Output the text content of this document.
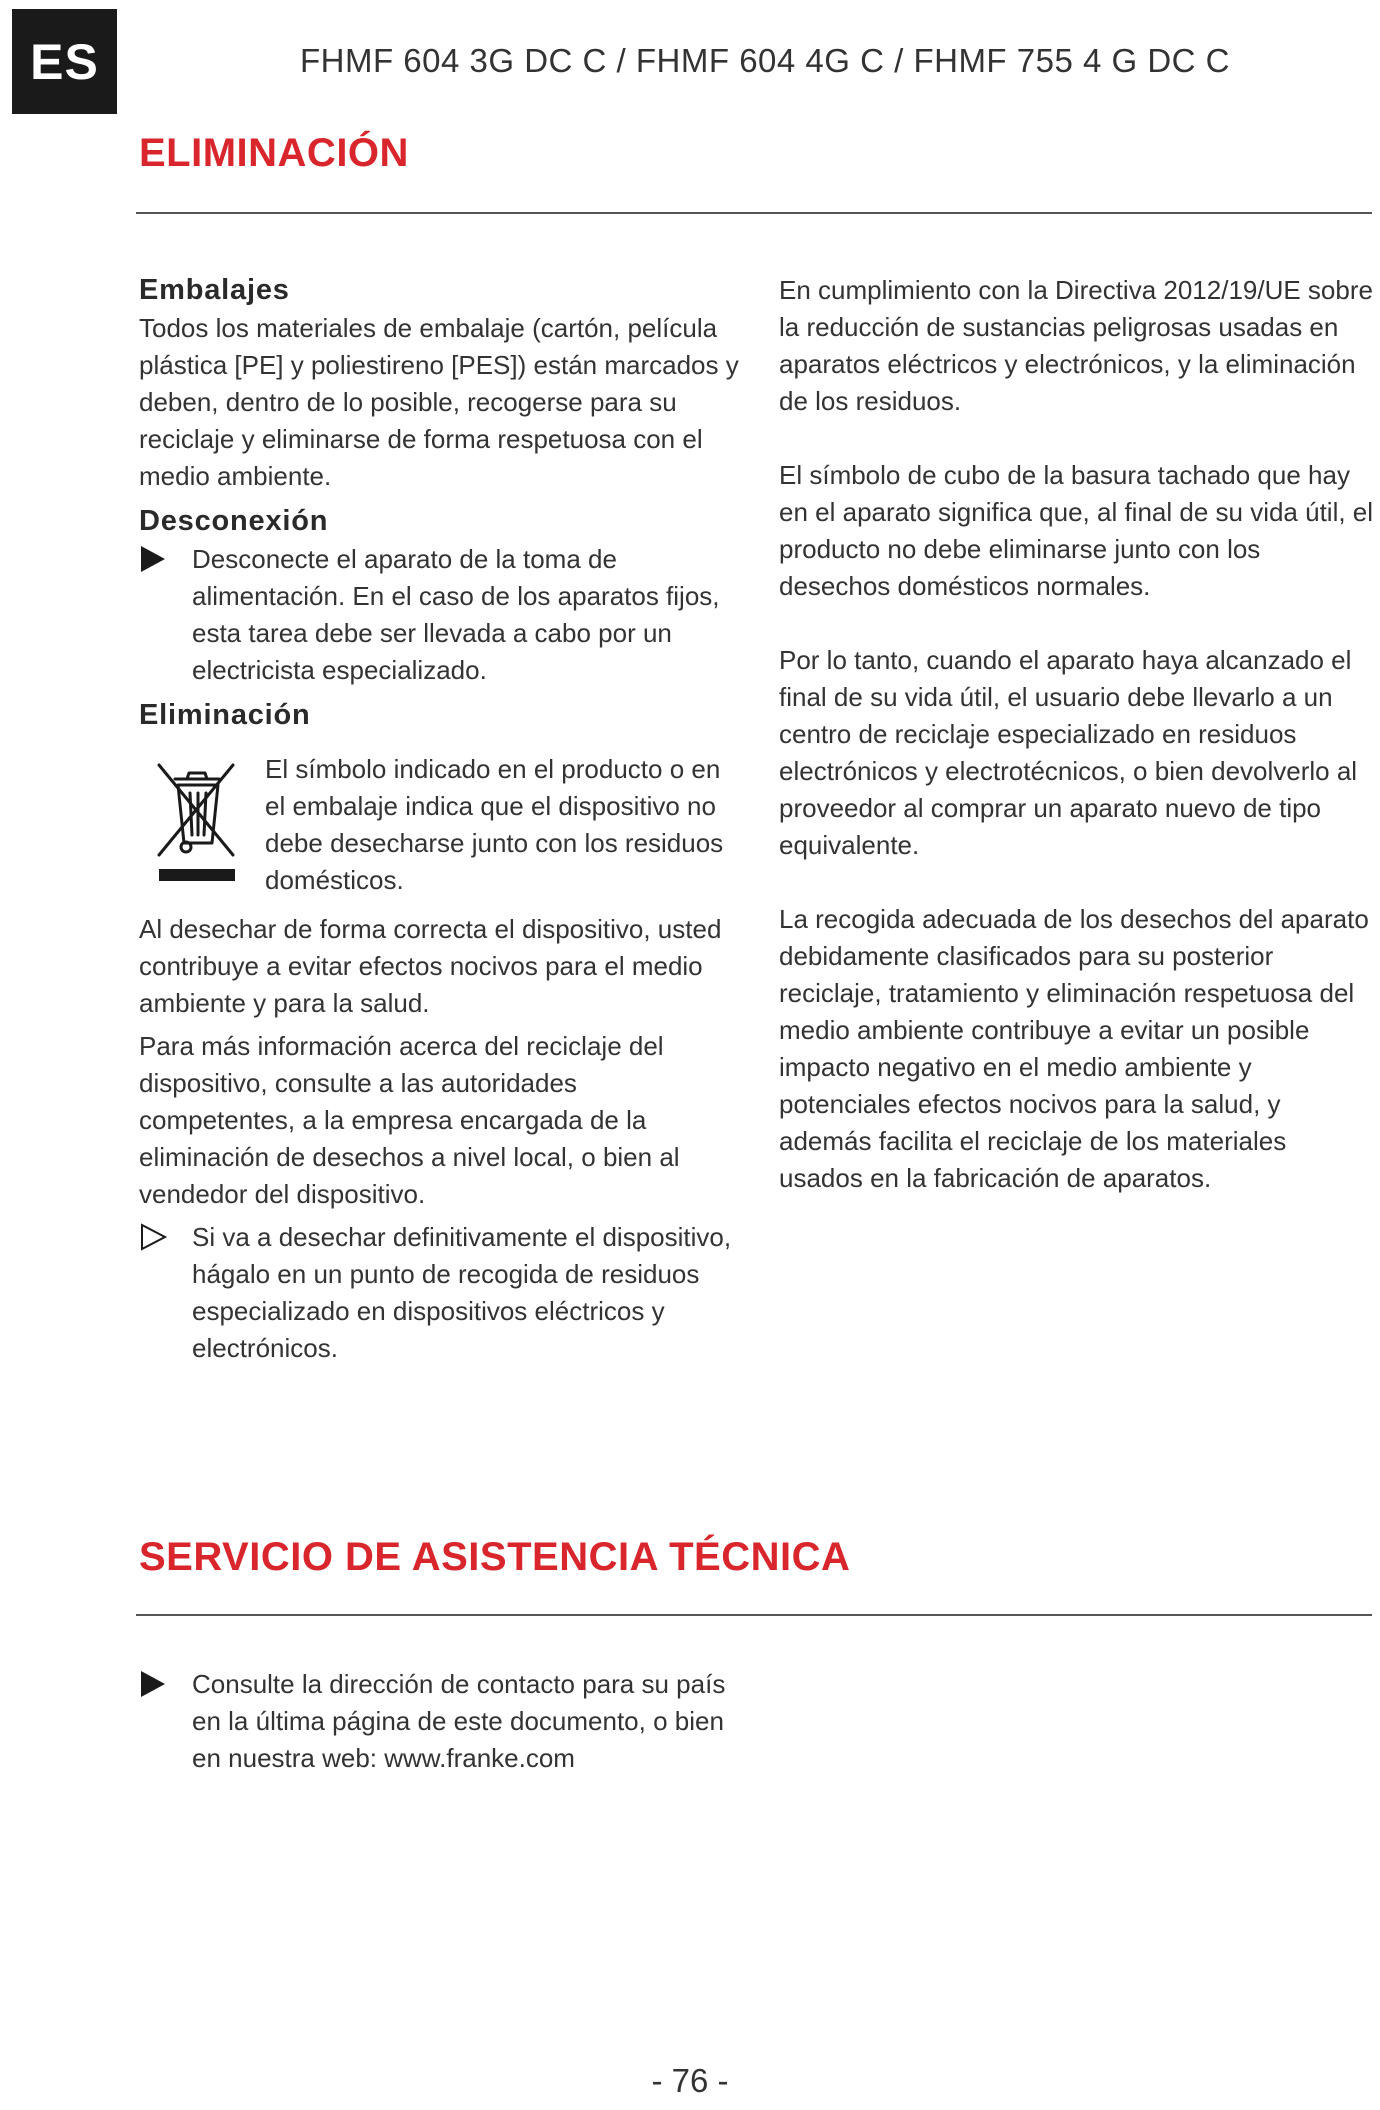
ES	FHMF 604 3G DC C / FHMF 604 4G C / FHMF 755 4 G DC C
ELIMINACIÓN
Embalajes

Todos los materiales de embalaje (cartón, película plástica [PE] y poliestireno [PES]) están marcados y deben, dentro de lo posible, recogerse para su reciclaje y eliminarse de forma respetuosa con el medio ambiente.

Desconexión

Desconecte el aparato de la toma de alimentación. En el caso de los aparatos fijos, esta tarea debe ser llevada a cabo por un electricista especializado.

Eliminación

El símbolo indicado en el producto o en el embalaje indica que el dispositivo no debe desecharse junto con los residuos domésticos.

Al desechar de forma correcta el dispositivo, usted contribuye a evitar efectos nocivos para el medio ambiente y para la salud.

Para más información acerca del reciclaje del dispositivo, consulte a las autoridades competentes, a la empresa encargada de la eliminación de desechos a nivel local, o bien al vendedor del dispositivo.

Si va a desechar definitivamente el dispositivo, hágalo en un punto de recogida de residuos especializado en dispositivos eléctricos y electrónicos.

En cumplimiento con la Directiva 2012/19/UE sobre la reducción de sustancias peligrosas usadas en aparatos eléctricos y electrónicos, y la eliminación de los residuos.

El símbolo de cubo de la basura tachado que hay en el aparato significa que, al final de su vida útil, el producto no debe eliminarse junto con los desechos domésticos normales.

Por lo tanto, cuando el aparato haya alcanzado el final de su vida útil, el usuario debe llevarlo a un centro de reciclaje especializado en residuos electrónicos y electrotécnicos, o bien devolverlo al proveedor al comprar un aparato nuevo de tipo equivalente.

La recogida adecuada de los desechos del aparato debidamente clasificados para su posterior reciclaje, tratamiento y eliminación respetuosa del medio ambiente contribuye a evitar un posible impacto negativo en el medio ambiente y potenciales efectos nocivos para la salud, y además facilita el reciclaje de los materiales usados en la fabricación de aparatos.

SERVICIO DE ASISTENCIA TÉCNICA

Consulte la dirección de contacto para su país en la última página de este documento, o bien en nuestra web: www.franke.com

- 76 -
